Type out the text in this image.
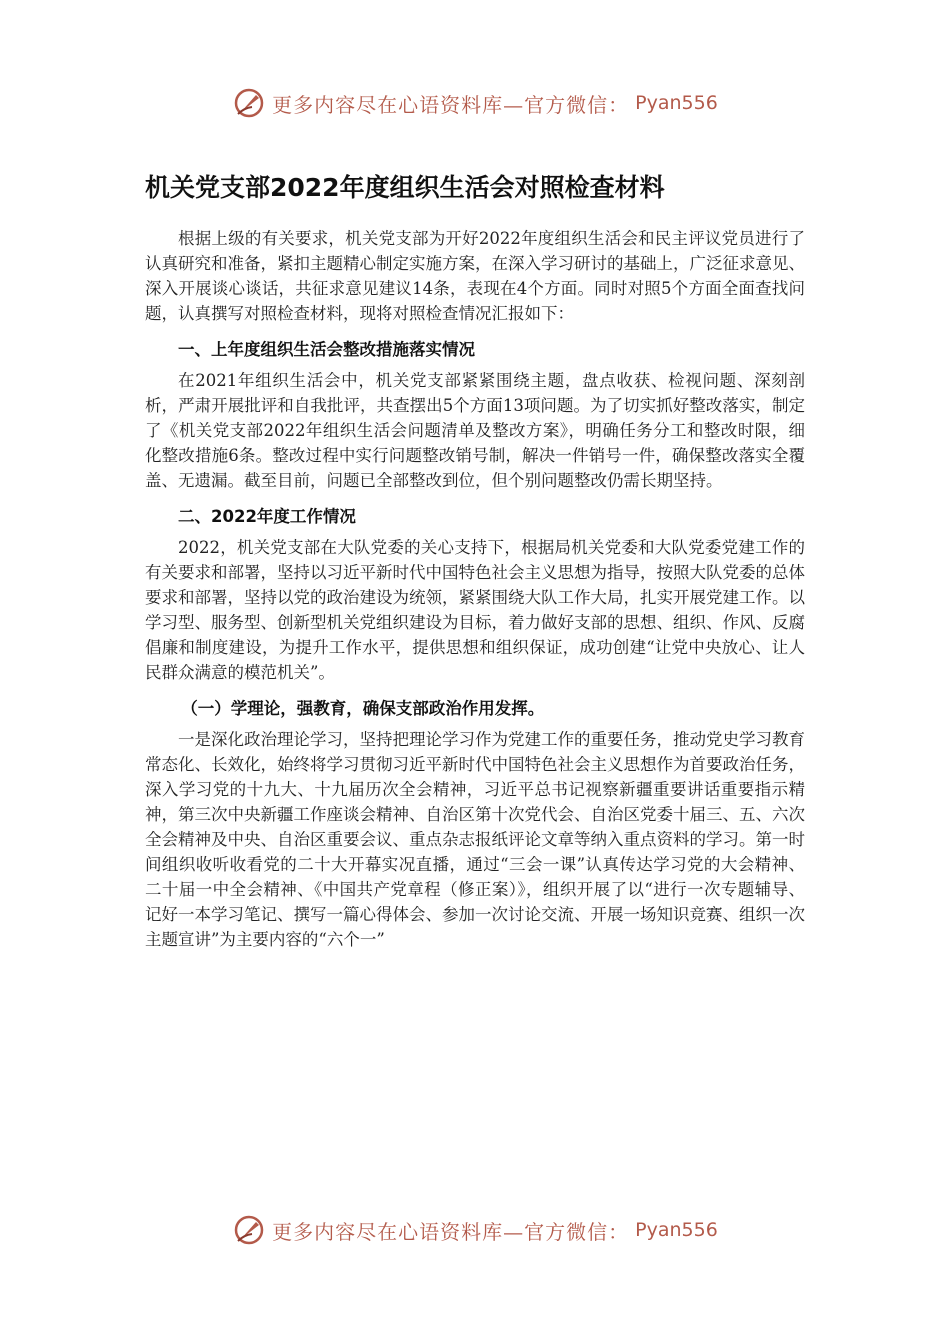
更多内容尽在心语资料库—官方微信： Pyan556
机关党支部2022年度组织生活会对照检查材料

根据上级的有关要求，机关党支部为开好2022年度组织生活会和民主评议党员进行了认真研究和准备，紧扣主题精心制定实施方案，在深入学习研讨的基础上，广泛征求意见、深入开展谈心谈话，共征求意见建议14条，表现在4个方面。同时对照5个方面全面查找问题，认真撰写对照检查材料，现将对照检查情况汇报如下：

一、上年度组织生活会整改措施落实情况

在2021年组织生活会中，机关党支部紧紧围绕主题，盘点收获、检视问题、深刻剖析，严肃开展批评和自我批评，共查摆出5个方面13项问题。为了切实抓好整改落实，制定了《机关党支部2022年组织生活会问题清单及整改方案》，明确任务分工和整改时限，细化整改措施6条。整改过程中实行问题整改销号制，解决一件销号一件，确保整改落实全覆盖、无遗漏。截至目前，问题已全部整改到位，但个别问题整改仍需长期坚持。

二、2022年度工作情况

2022，机关党支部在大队党委的关心支持下，根据局机关党委和大队党委党建工作的有关要求和部署，坚持以习近平新时代中国特色社会主义思想为指导，按照大队党委的总体要求和部署，坚持以党的政治建设为统领，紧紧围绕大队工作大局，扎实开展党建工作。以学习型、服务型、创新型机关党组织建设为目标，着力做好支部的思想、组织、作风、反腐倡廉和制度建设，为提升工作水平，提供思想和组织保证，成功创建“让党中央放心、让人民群众满意的模范机关”。

（一）学理论，强教育，确保支部政治作用发挥。

一是深化政治理论学习，坚持把理论学习作为党建工作的重要任务，推动党史学习教育常态化、长效化，始终将学习贯彻习近平新时代中国特色社会主义思想作为首要政治任务，深入学习党的十九大、十九届历次全会精神，习近平总书记视察新疆重要讲话重要指示精神，第三次中央新疆工作座谈会精神、自治区第十次党代会、自治区党委十届三、五、六次全会精神及中央、自治区重要会议、重点杂志报纸评论文章等纳入重点资料的学习。第一时间组织收听收看党的二十大开幕实况直播，通过“三会一课”认真传达学习党的大会精神、二十届一中全会精神、《中国共产党章程（修正案）》，组织开展了以“进行一次专题辅导、记好一本学习笔记、撰写一篇心得体会、参加一次讨论交流、开展一场知识竞赛、组织一次主题宣讲”为主要内容的“六个一”

更多内容尽在心语资料库—官方微信： Pyan556
